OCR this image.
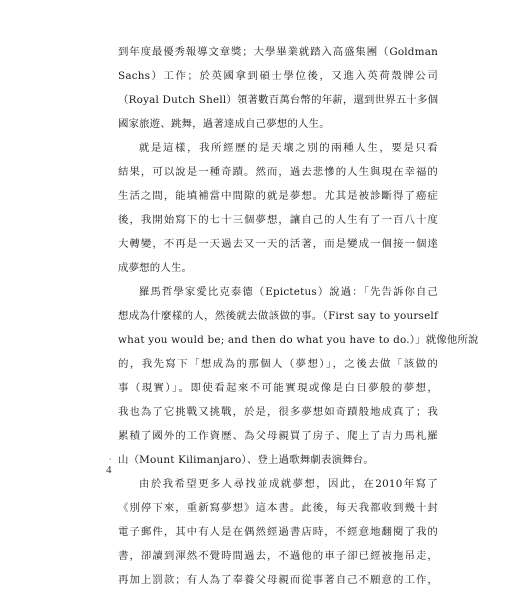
到年度最優秀報導文章獎；大學畢業就踏入高盛集團（Goldman
Sachs）工作；於英國拿到碩士學位後，又進入英荷殼牌公司
（Royal Dutch Shell）領著數百萬台幣的年薪，還到世界五十多個
國家旅遊、跳舞，過著達成自己夢想的人生。
就是這樣，我所經歷的是天壤之別的兩種人生，要是只看
結果，可以說是一種奇蹟。然而，過去悲慘的人生與現在幸福的
生活之間，能填補當中間隙的就是夢想。尤其是被診斷得了癌症
後，我開始寫下的七十三個夢想，讓自己的人生有了一百八十度
大轉變，不再是一天過去又一天的活著，而是變成一個接一個達
成夢想的人生。
羅馬哲學家愛比克泰德（Epictetus）說過：「先告訴你自己
想成為什麼樣的人，然後就去做該做的事。（First say to yourself
what you would be; and then do what you have to do.）」就像他所說
的，我先寫下「想成為的那個人（夢想）」，之後去做「該做的
事（現實）」。即使看起來不可能實現或像是白日夢般的夢想，
我也為了它挑戰又挑戰，於是，很多夢想如奇蹟般地成真了；我
累積了國外的工作資歷、為父母親買了房子、爬上了吉力馬札羅
山（Mount Kilimanjaro）、登上過歌舞劇表演舞台。
由於我希望更多人尋找並成就夢想，因此，在2010年寫了
《別停下來，重新寫夢想》這本書。此後，每天我都收到幾十封
電子郵件，其中有人是在偶然經過書店時，不經意地翻閱了我的
書，卻讀到渾然不覺時間過去，不過他的車子卻已經被拖吊走，
再加上罰款；有人為了奉養父母親而從事著自己不願意的工作，
·
4
